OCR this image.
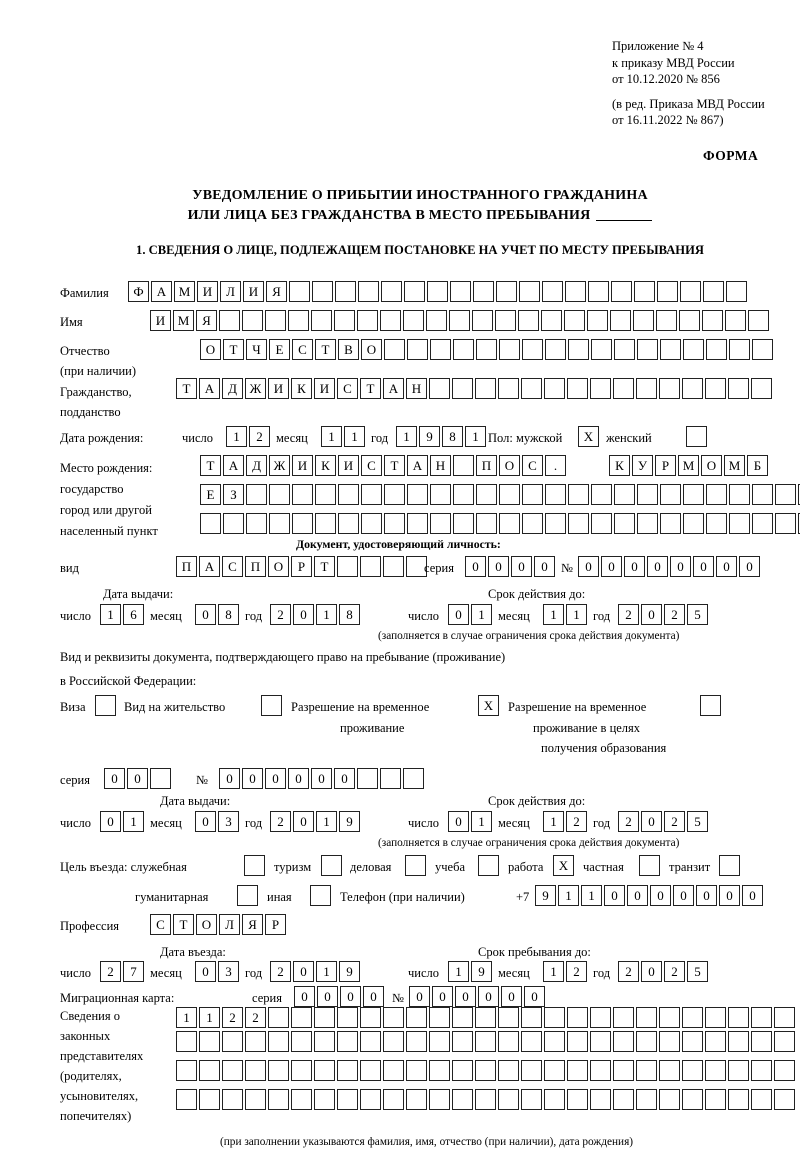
Приложение № 4
к приказу МВД России
от 10.12.2020 № 856
(в ред. Приказа МВД России
от 16.11.2022 № 867)
ФОРМА
УВЕДОМЛЕНИЕ О ПРИБЫТИИ ИНОСТРАННОГО ГРАЖДАНИНА
ИЛИ ЛИЦА БЕЗ ГРАЖДАНСТВА В МЕСТО ПРЕБЫВАНИЯ
1. СВЕДЕНИЯ О ЛИЦЕ, ПОДЛЕЖАЩЕМ ПОСТАНОВКЕ НА УЧЕТ ПО МЕСТУ ПРЕБЫВАНИЯ
Фамилия	Ф	А М И	Л	И	Я
Имя	И М Я
Отчество
(при наличии)
О	Т	Ч	Е	С	Т	В	О
Гражданство,
подданство
Т	А	Д Ж И	К	И	С	Т	А	Н
Дата рождения:	число	1	2	месяц	1	1	год	1	9	8	1 Пол: мужской	X	женский
Место рождения:
государство
Т	А	Д Ж И	К	И	С	Т	А	Н	П	О	С	.	К	У	Р	М О М	Б
город или другой
Е	З
населенный пункт
Документ, удостоверяющий личность:
вид	П	А	С	П	О	Р	Т	серия	0	0	0	0	№ 0	0	0	0	0	0	0	0
Дата выдачи:	Срок действия до:
число	1	6	месяц	0	8	год	2	0	1	8	число	0	1	месяц	1	1	год	2	0	2	5
(заполняется в случае ограничения срока действия документа)
Вид и реквизиты документа, подтверждающего право на пребывание (проживание)
в Российской Федерации:
Виза	Вид на жительство	Разрешение на временное
проживание
X	Разрешение на временное
проживание в целях
получения образования
серия	0	0	№	0	0	0	0	0	0
Дата выдачи:	Срок действия до:
число	0	1	месяц	0	3	год	2	0	1	9	число	0	1	месяц	1	2	год	2	0	2	5
(заполняется в случае ограничения срока действия документа)
Цель въезда: служебная	туризм	деловая	учеба	работа	X	частная	транзит
гуманитарная	иная	Телефон (при наличии)	+7 9	1	1	0	0	0	0	0	0	0
Профессия	С	Т	О	Л	Я	Р
Дата въезда:	Срок пребывания до:
число	2	7	месяц	0	3	год	2	0	1	9	число	1	9	месяц	1	2	год	2	0	2	5
Миграционная карта:	серия	0	0	0	0	№ 0	0	0	0	0	0
Сведения о
законных
представителях
(родителях,
усыновителях,
попечителях)
1	1	2	2
(при заполнении указываются фамилия, имя, отчество (при наличии), дата рождения)
